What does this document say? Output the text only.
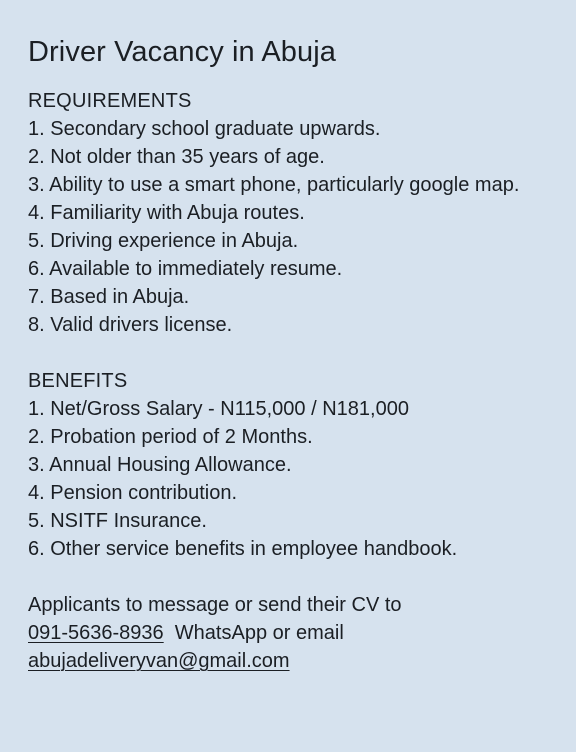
Driver Vacancy in Abuja
REQUIREMENTS
1. Secondary school graduate upwards.
2. Not older than 35 years of age.
3. Ability to use a smart phone, particularly google map.
4. Familiarity with Abuja routes.
5. Driving experience in Abuja.
6. Available to immediately resume.
7. Based in Abuja.
8. Valid drivers license.
BENEFITS
1. Net/Gross Salary - N115,000 / N181,000
2. Probation period of 2 Months.
3. Annual Housing Allowance.
4. Pension contribution.
5. NSITF Insurance.
6. Other service benefits in employee handbook.
Applicants to message or send their CV to
091-5636-8936  WhatsApp or email
abujadeliveryvan@gmail.com
